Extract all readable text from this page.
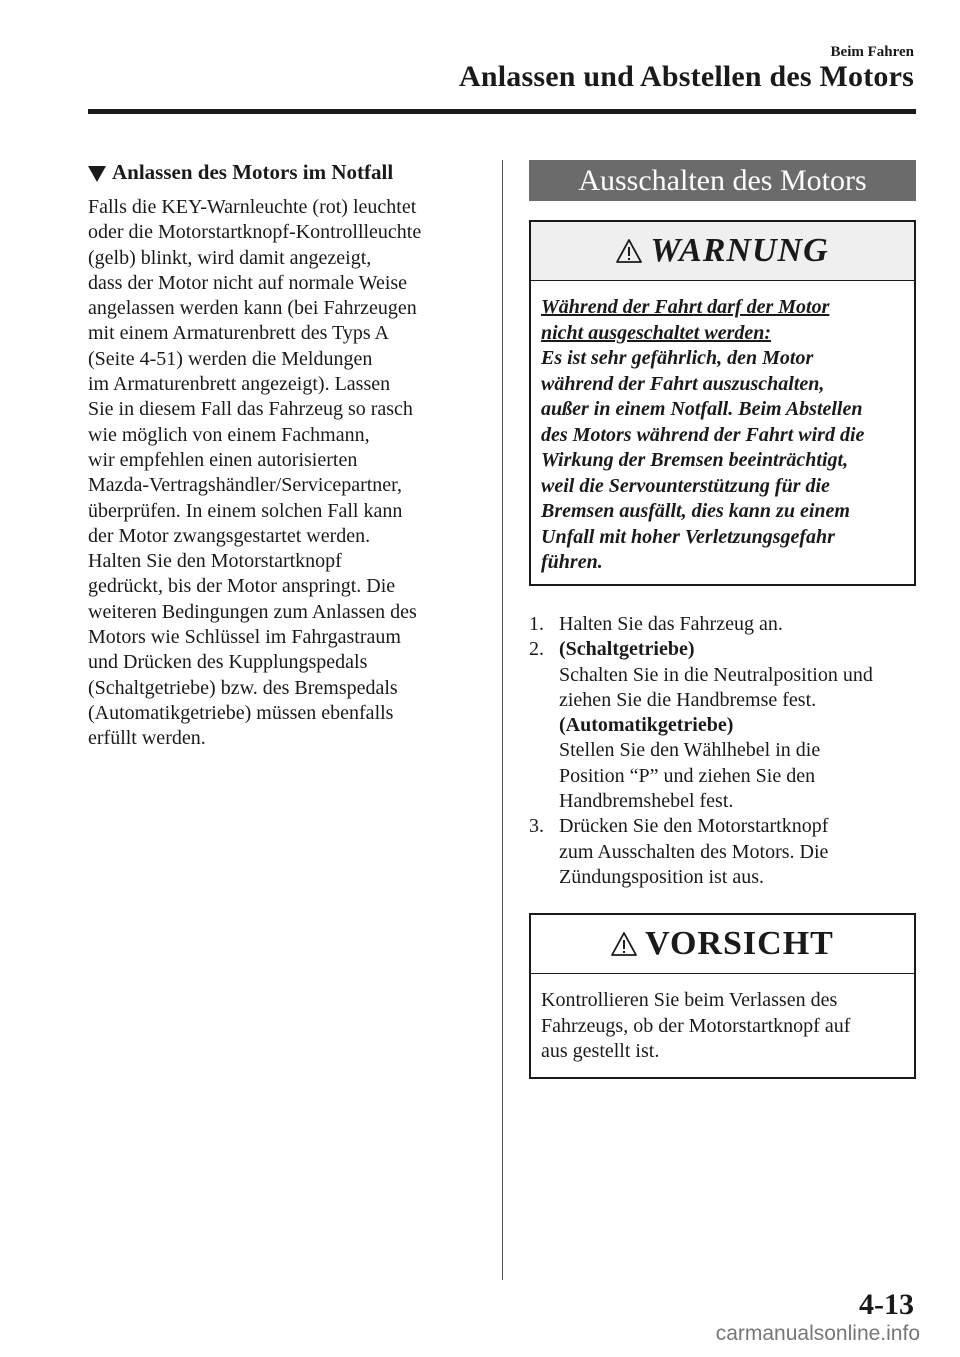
Beim Fahren
Anlassen und Abstellen des Motors
Anlassen des Motors im Notfall
Falls die KEY-Warnleuchte (rot) leuchtet
oder die Motorstartknopf-Kontrollleuchte
(gelb) blinkt, wird damit angezeigt,
dass der Motor nicht auf normale Weise
angelassen werden kann (bei Fahrzeugen
mit einem Armaturenbrett des Typs A
(Seite 4-51) werden die Meldungen
im Armaturenbrett angezeigt). Lassen
Sie in diesem Fall das Fahrzeug so rasch
wie möglich von einem Fachmann,
wir empfehlen einen autorisierten
Mazda-Vertragshändler/Servicepartner,
überprüfen. In einem solchen Fall kann
der Motor zwangsgestartet werden.
Halten Sie den Motorstartknopf
gedrückt, bis der Motor anspringt. Die
weiteren Bedingungen zum Anlassen des
Motors wie Schlüssel im Fahrgastraum
und Drücken des Kupplungspedals
(Schaltgetriebe) bzw. des Bremspedals
(Automatikgetriebe) müssen ebenfalls
erfüllt werden.
Ausschalten des Motors
WARNUNG
Während der Fahrt darf der Motor
nicht ausgeschaltet werden:
Es ist sehr gefährlich, den Motor
während der Fahrt auszuschalten,
außer in einem Notfall. Beim Abstellen
des Motors während der Fahrt wird die
Wirkung der Bremsen beeinträchtigt,
weil die Servounterstützung für die
Bremsen ausfällt, dies kann zu einem
Unfall mit hoher Verletzungsgefahr
führen.
1. Halten Sie das Fahrzeug an.
2. (Schaltgetriebe)
Schalten Sie in die Neutralposition und
ziehen Sie die Handbremse fest.
(Automatikgetriebe)
Stellen Sie den Wählhebel in die
Position “P” und ziehen Sie den
Handbremshebel fest.
3. Drücken Sie den Motorstartknopf
zum Ausschalten des Motors. Die
Zündungsposition ist aus.
VORSICHT
Kontrollieren Sie beim Verlassen des
Fahrzeugs, ob der Motorstartknopf auf
aus gestellt ist.
4-13
carmanualsonline.info
